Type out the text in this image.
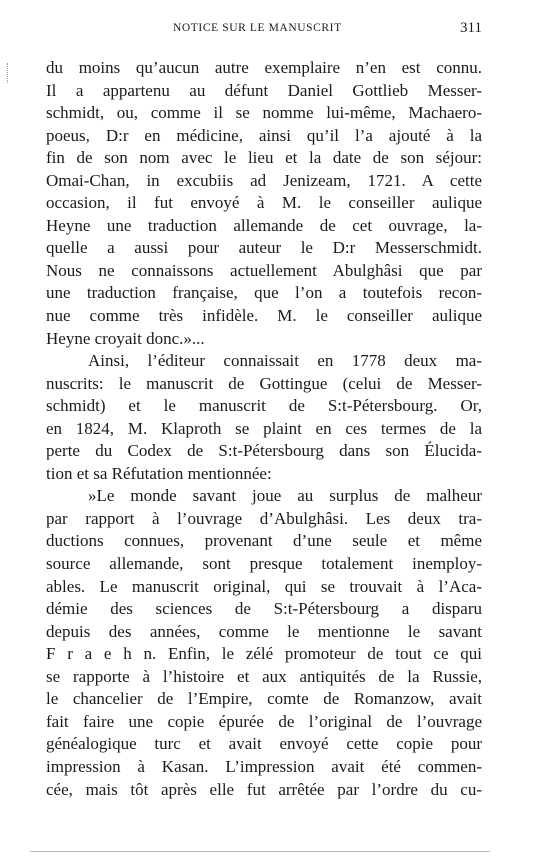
NOTICE SUR LE MANUSCRIT	311
du moins qu’aucun autre exemplaire n’en est connu.
Il a appartenu au défunt Daniel Gottlieb Messer-
schmidt, ou, comme il se nomme lui-même, Machaero-
poeus, D:r en médicine, ainsi qu’il l’a ajouté à la
fin de son nom avec le lieu et la date de son séjour:
Omai-Chan, in excubiis ad Jenizeam, 1721. A cette
occasion, il fut envoyé à M. le conseiller aulique
Heyne une traduction allemande de cet ouvrage, la-
quelle a aussi pour auteur le D:r Messerschmidt.
Nous ne connaissons actuellement Abulghâsi que par
une traduction française, que l’on a toutefois recon-
nue comme très infidèle. M. le conseiller aulique
Heyne croyait donc.»...
Ainsi, l’éditeur connaissait en 1778 deux ma-
nuscrits: le manuscrit de Gottingue (celui de Messer-
schmidt) et le manuscrit de S:t-Pétersbourg. Or,
en 1824, M. Klaproth se plaint en ces termes de la
perte du Codex de S:t-Pétersbourg dans son Élucida-
tion et sa Réfutation mentionnée:
»Le monde savant joue au surplus de malheur
par rapport à l’ouvrage d’Abulghâsi. Les deux tra-
ductions connues, provenant d’une seule et même
source allemande, sont presque totalement inemploy-
ables. Le manuscrit original, qui se trouvait à l’Aca-
démie des sciences de S:t-Pétersbourg a disparu
depuis des années, comme le mentionne le savant
F r a e h n. Enfin, le zélé promoteur de tout ce qui
se rapporte à l’histoire et aux antiquités de la Russie,
le chancelier de l’Empire, comte de Romanzow, avait
fait faire une copie épurée de l’original de l’ouvrage
généalogique turc et avait envoyé cette copie pour
impression à Kasan. L’impression avait été commen-
cée, mais tôt après elle fut arrêtée par l’ordre du cu-
